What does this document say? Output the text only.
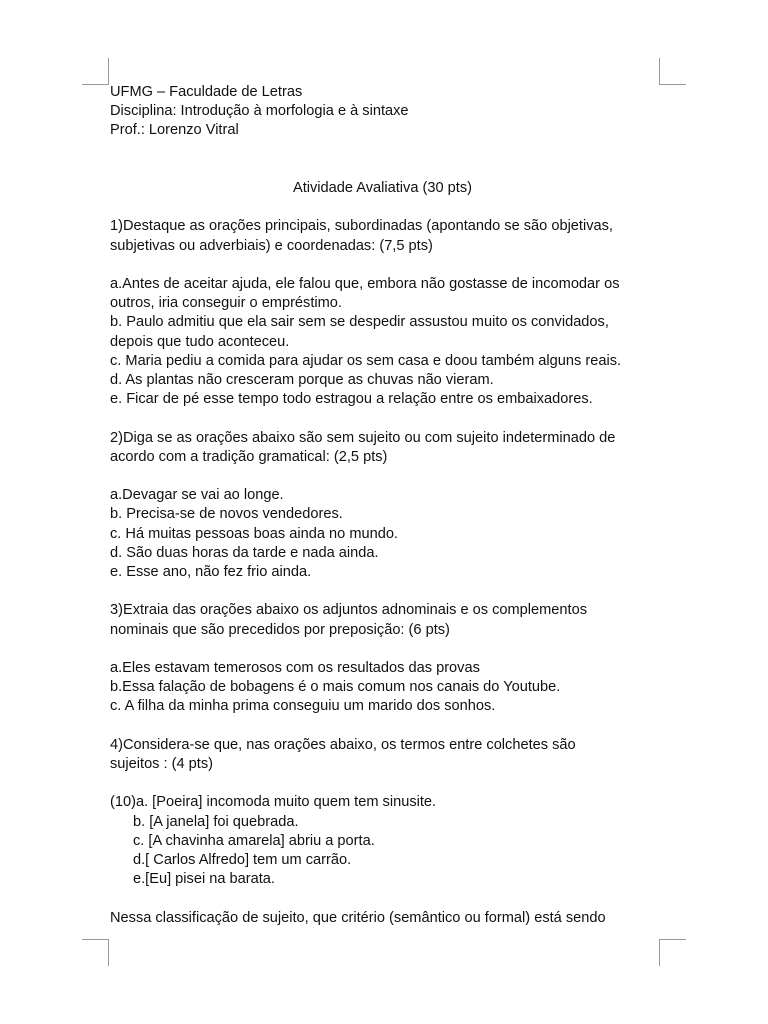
UFMG – Faculdade de Letras

Disciplina: Introdução à morfologia e à sintaxe

Prof.: Lorenzo Vitral

Atividade Avaliativa (30 pts)

1)Destaque as orações principais, subordinadas (apontando se são objetivas,

subjetivas ou adverbiais) e coordenadas: (7,5 pts)

a.Antes de aceitar ajuda, ele falou que, embora não gostasse de incomodar os

outros, iria conseguir o empréstimo.

b. Paulo admitiu que ela sair sem se despedir assustou muito os convidados,

depois que tudo aconteceu.

c. Maria pediu a comida para ajudar os sem casa e doou também alguns reais.

d. As plantas não cresceram porque as chuvas não vieram.

e. Ficar de pé esse tempo todo estragou a relação entre os embaixadores.

2)Diga se as orações abaixo são sem sujeito ou com sujeito indeterminado de

acordo com a tradição gramatical: (2,5 pts)

a.Devagar se vai ao longe.

b. Precisa-se de novos vendedores.

c. Há muitas pessoas boas ainda no mundo.

d. São duas horas da tarde e nada ainda.

e. Esse ano, não fez frio ainda.

3)Extraia das orações abaixo os adjuntos adnominais e os complementos

nominais que são precedidos por preposição: (6 pts)

a.Eles estavam temerosos com os resultados das provas

b.Essa falação de bobagens é o mais comum nos canais do Youtube.

c. A filha da minha prima conseguiu um marido dos sonhos.

4)Considera-se que, nas orações abaixo, os termos entre colchetes são

sujeitos : (4 pts)

(10)a. [Poeira] incomoda muito quem tem sinusite.

b. [A janela] foi quebrada.

c. [A chavinha amarela] abriu a porta.

d.[ Carlos Alfredo] tem um carrão.

e.[Eu] pisei na barata.

Nessa classificação de sujeito, que critério (semântico ou formal) está sendo
